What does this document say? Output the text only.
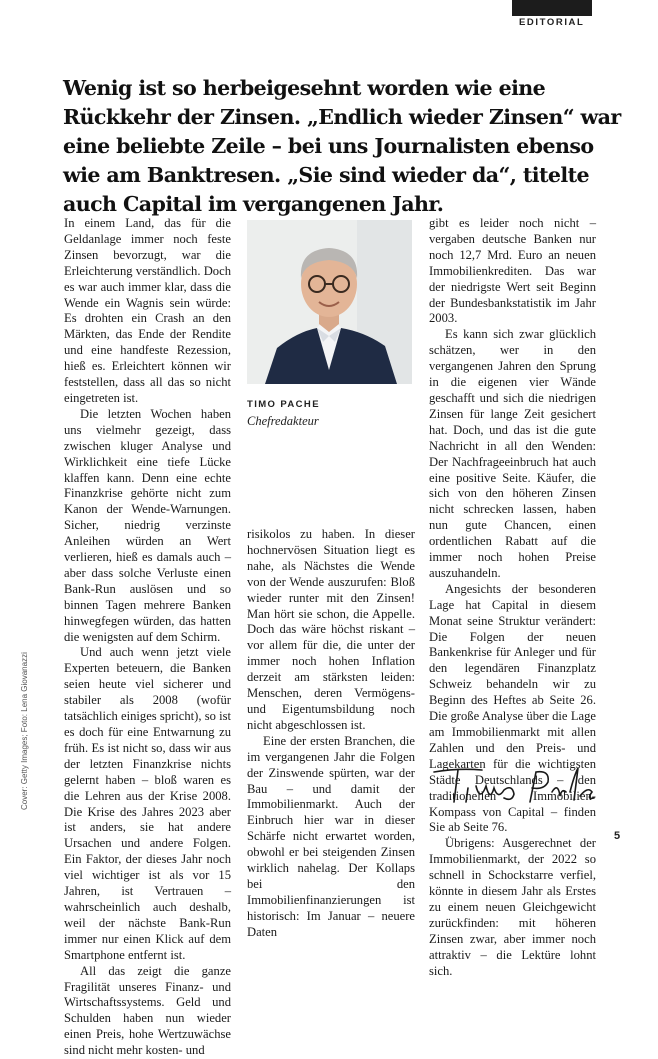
EDITORIAL
Wenig ist so herbeigesehnt worden wie eine Rückkehr der Zinsen. „Endlich wieder Zinsen“ war eine beliebte Zeile – bei uns Journalisten ebenso wie am Banktresen. „Sie sind wieder da“, titelte auch Capital im vergangenen Jahr.

In einem Land, das für die Geldanlage immer noch feste Zinsen bevorzugt, war die Erleichterung verständlich. Doch es war auch immer klar, dass die Wende ein Wagnis sein würde: Es drohten ein Crash an den Märkten, das Ende der Rendite und eine handfeste Rezession, hieß es. Erleichtert können wir feststellen, dass all das so nicht eingetreten ist.

Die letzten Wochen haben uns vielmehr gezeigt, dass zwischen kluger Analyse und Wirklichkeit eine tiefe Lücke klaffen kann. Denn eine echte Finanzkrise gehörte nicht zum Kanon der Wende-Warnungen. Sicher, niedrig verzinste Anleihen würden an Wert verlieren, hieß es damals auch – aber dass solche Verluste einen Bank-Run auslösen und so binnen Tagen mehrere Banken hinwegfegen würden, das hatten die wenigsten auf dem Schirm.

Und auch wenn jetzt viele Experten beteuern, die Banken seien heute viel sicherer und stabiler als 2008 (wofür tatsächlich einiges spricht), so ist es doch für eine Entwarnung zu früh. Es ist nicht so, dass wir aus der letzten Finanzkrise nichts gelernt haben – bloß waren es die Lehren aus der Krise 2008. Die Krise des Jahres 2023 aber ist anders, sie hat andere Ursachen und andere Folgen. Ein Faktor, der dieses Jahr noch viel wichtiger ist als vor 15 Jahren, ist Vertrauen – wahrscheinlich auch deshalb, weil der nächste Bank-Run immer nur einen Klick auf dem Smartphone entfernt ist.

All das zeigt die ganze Fragilität unseres Finanz- und Wirtschaftssystems. Geld und Schulden haben nun wieder einen Preis, hohe Wertzuwächse sind nicht mehr kosten- und

TIMO PACHE
Chefredakteur

risikolos zu haben. In dieser hochnervösen Situation liegt es nahe, als Nächstes die Wende von der Wende auszurufen: Bloß wieder runter mit den Zinsen! Man hört sie schon, die Appelle. Doch das wäre höchst riskant – vor allem für die, die unter der immer noch hohen Inflation derzeit am stärksten leiden: Menschen, deren Vermögens- und Eigentumsbildung noch nicht abgeschlossen ist.

Eine der ersten Branchen, die im vergangenen Jahr die Folgen der Zinswende spürten, war der Bau – und damit der Immobilienmarkt. Auch der Einbruch hier war in dieser Schärfe nicht erwartet worden, obwohl er bei steigenden Zinsen wirklich nahelag. Der Kollaps bei den Immobilienfinanzierungen ist historisch: Im Januar – neuere Daten

gibt es leider noch nicht – vergaben deutsche Banken nur noch 12,7 Mrd. Euro an neuen Immobilienkrediten. Das war der niedrigste Wert seit Beginn der Bundesbankstatistik im Jahr 2003.

Es kann sich zwar glücklich schätzen, wer in den vergangenen Jahren den Sprung in die eigenen vier Wände geschafft und sich die niedrigen Zinsen für lange Zeit gesichert hat. Doch, und das ist die gute Nachricht in all den Wenden: Der Nachfrageeinbruch hat auch eine positive Seite. Käufer, die sich von den höheren Zinsen nicht schrecken lassen, haben nun gute Chancen, einen ordentlichen Rabatt auf die immer noch hohen Preise auszuhandeln.

Angesichts der besonderen Lage hat Capital in diesem Monat seine Struktur verändert: Die Folgen der neuen Bankenkrise für Anleger und für den legendären Finanzplatz Schweiz behandeln wir zu Beginn des Heftes ab Seite 26. Die große Analyse über die Lage am Immobilienmarkt mit allen Zahlen und den Preis- und Lagekarten für die wichtigsten Städte Deutschlands – den traditionellen Immobilien-Kompass von Capital – finden Sie ab Seite 76.

Übrigens: Ausgerechnet der Immobilienmarkt, der 2022 so schnell in Schockstarre verfiel, könnte in diesem Jahr als Erstes zu einem neuen Gleichgewicht zurückfinden: mit höheren Zinsen zwar, aber immer noch attraktiv – die Lektüre lohnt sich.

Cover: Getty Images; Foto: Lena Giovanazzi
5
